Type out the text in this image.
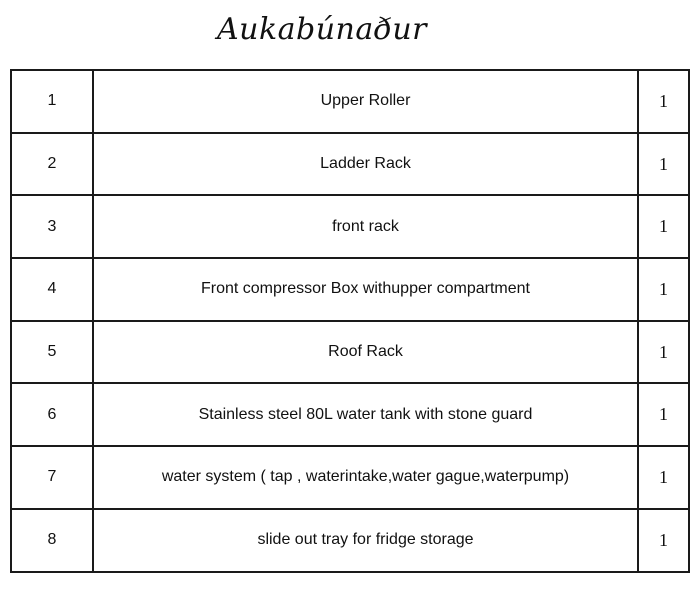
Aukabúnaður
1	Upper Roller	1
2	Ladder Rack	1
3	front rack	1
4	Front compressor Box withupper compartment	1
5	Roof Rack	1
6	Stainless steel 80L water tank with stone guard	1
7	water system ( tap , waterintake,water gague,waterpump)	1
8	slide out tray for fridge storage	1
